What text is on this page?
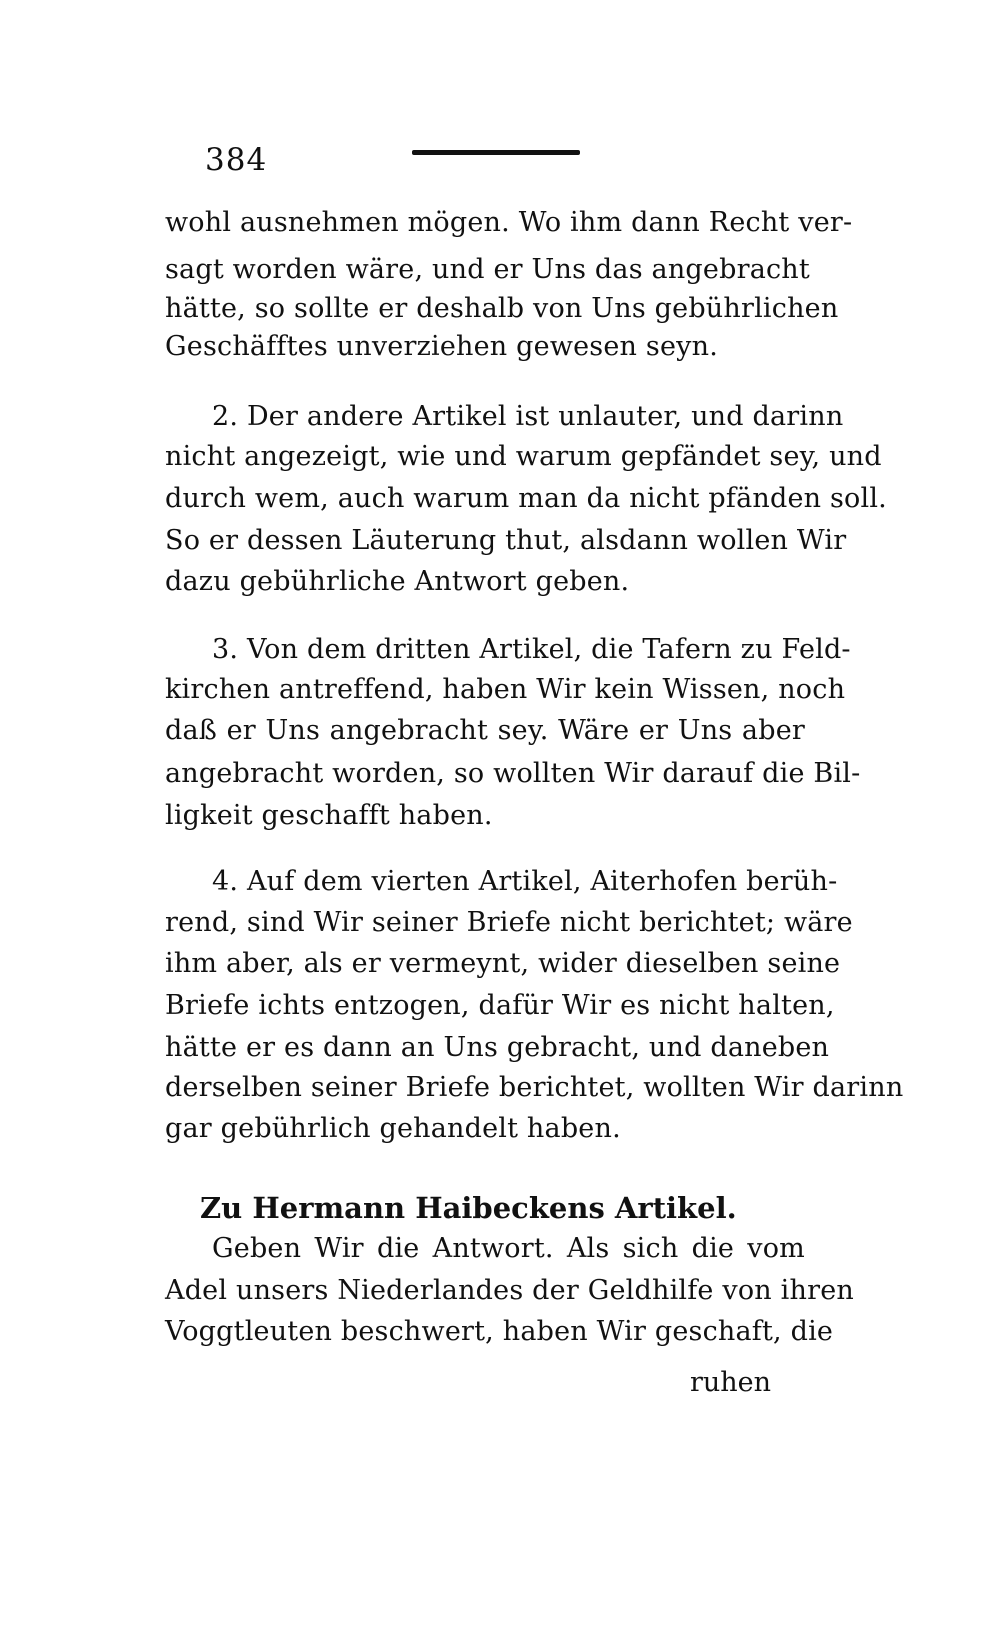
384
wohl ausnehmen mögen. Wo ihm dann Recht ver-
sagt worden wäre, und er Uns das angebracht
hätte, so sollte er deshalb von Uns gebührlichen
Geschäfftes unverziehen gewesen seyn.
2. Der andere Artikel ist unlauter, und darinn
nicht angezeigt, wie und warum gepfändet sey, und
durch wem, auch warum man da nicht pfänden soll.
So er dessen Läuterung thut, alsdann wollen Wir
dazu gebührliche Antwort geben.
3. Von dem dritten Artikel, die Tafern zu Feld-
kirchen antreffend, haben Wir kein Wissen, noch
daß er Uns angebracht sey. Wäre er Uns aber
angebracht worden, so wollten Wir darauf die Bil-
ligkeit geschafft haben.
4. Auf dem vierten Artikel, Aiterhofen berüh-
rend, sind Wir seiner Briefe nicht berichtet; wäre
ihm aber, als er vermeynt, wider dieselben seine
Briefe ichts entzogen, dafür Wir es nicht halten,
hätte er es dann an Uns gebracht, und daneben
derselben seiner Briefe berichtet, wollten Wir darinn
gar gebührlich gehandelt haben.
Zu Hermann Haibeckens Artikel.
Geben Wir die Antwort. Als sich die vom
Adel unsers Niederlandes der Geldhilfe von ihren
Voggtleuten beschwert, haben Wir geschaft, die
ruhen
